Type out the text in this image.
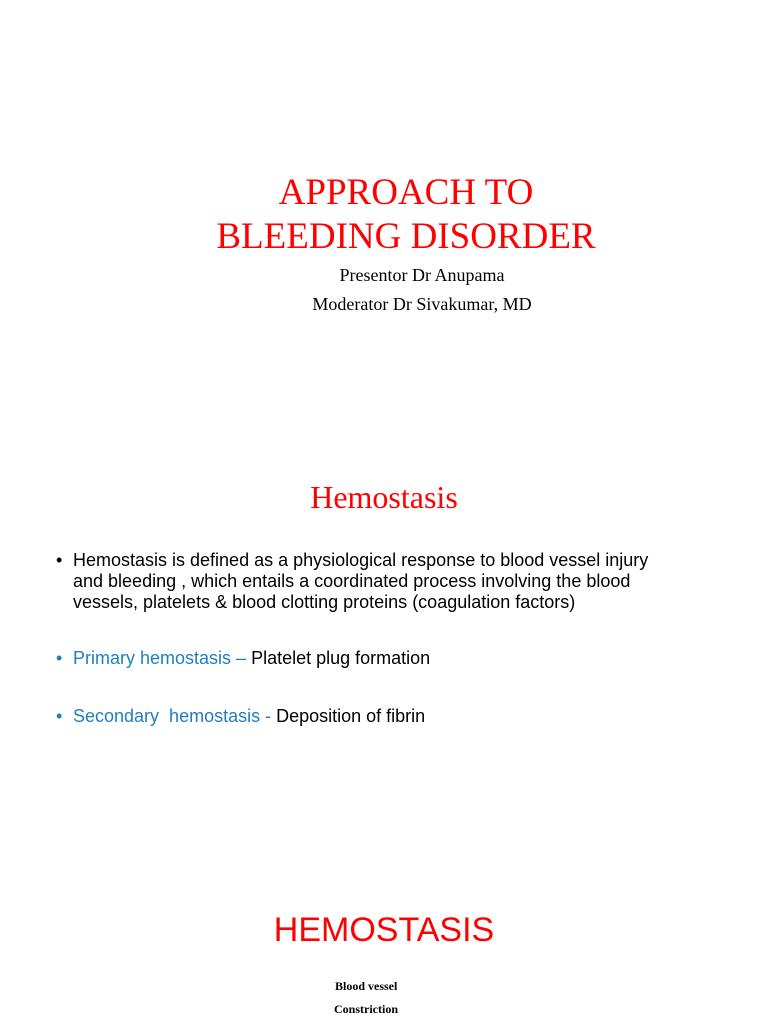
APPROACH TO
BLEEDING DISORDER
Presentor Dr Anupama
Moderator Dr Sivakumar, MD
Hemostasis
• Hemostasis is defined as a physiological response to blood vessel injury
and bleeding , which entails a coordinated process involving the blood
vessels, platelets & blood clotting proteins (coagulation factors)
• Primary hemostasis – Platelet plug formation
• Secondary  hemostasis - Deposition of fibrin
HEMOSTASIS
Blood vessel
Constriction
